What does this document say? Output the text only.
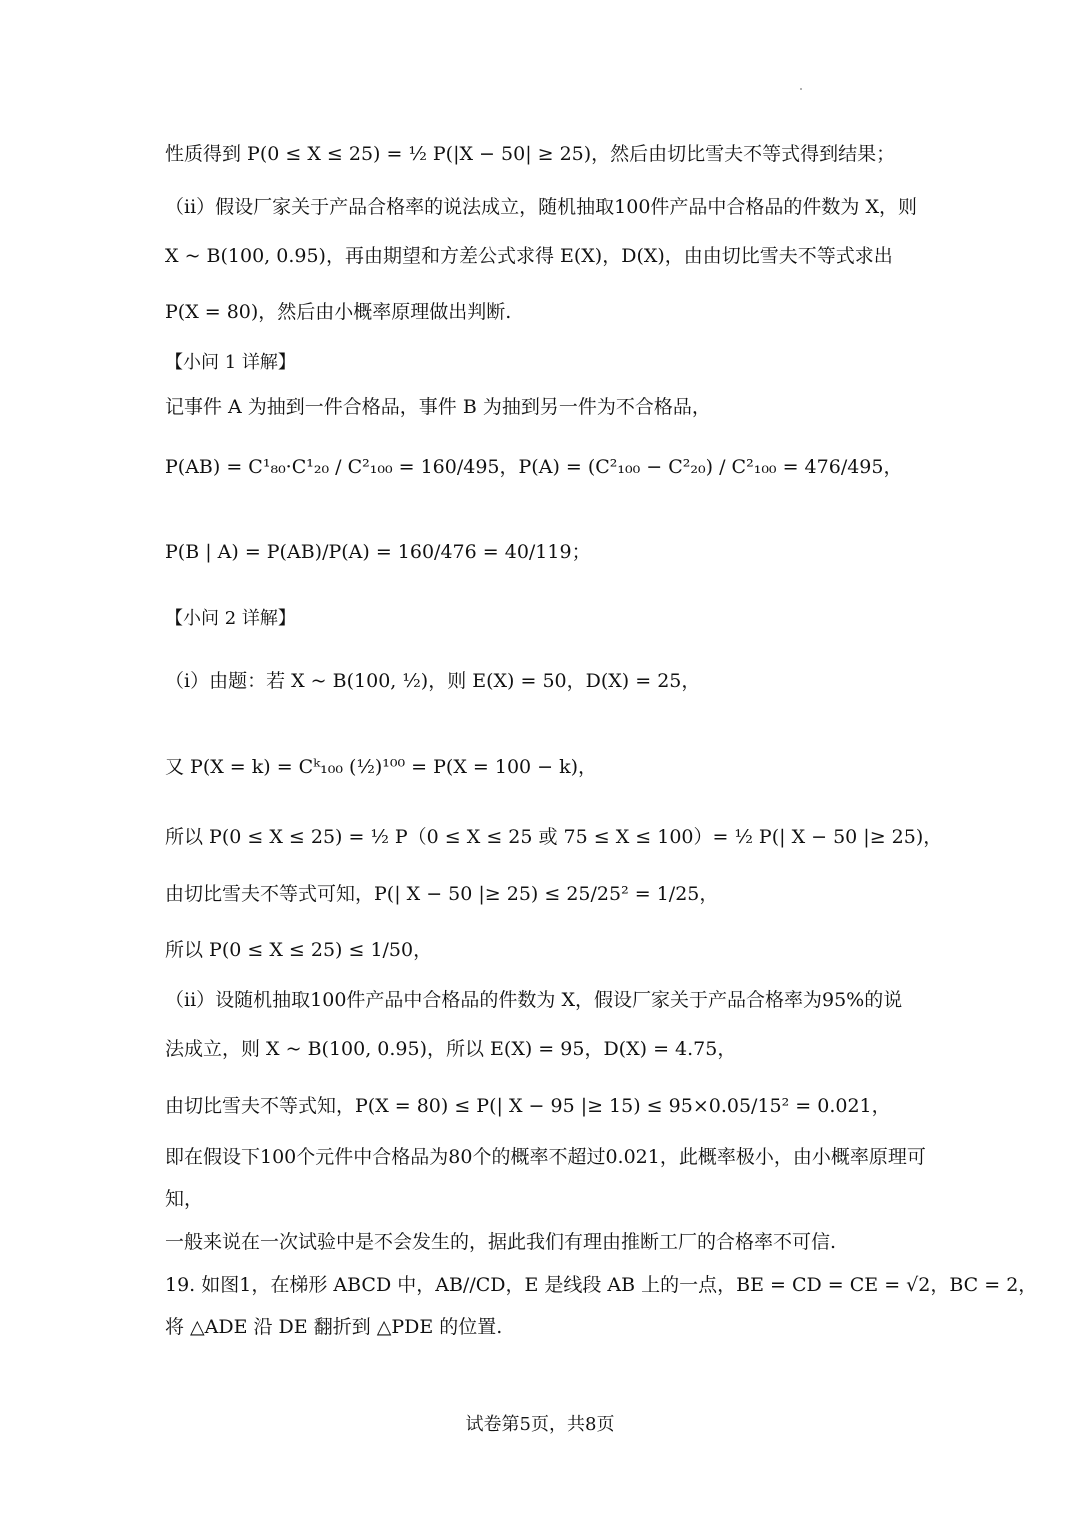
性质得到 P(0 ≤ X ≤ 25) = ½ P(|X − 50| ≥ 25)，然后由切比雪夫不等式得到结果；
（ii）假设厂家关于产品合格率的说法成立，随机抽取100件产品中合格品的件数为 X，则
X ~ B(100, 0.95)，再由期望和方差公式求得 E(X)，D(X)，由由切比雪夫不等式求出
P(X = 80)，然后由小概率原理做出判断.
【小问 1 详解】
记事件 A 为抽到一件合格品，事件 B 为抽到另一件为不合格品，
P(AB) = C¹₈₀·C¹₂₀ / C²₁₀₀ = 160/495，P(A) = (C²₁₀₀ − C²₂₀) / C²₁₀₀ = 476/495，
P(B | A) = P(AB)/P(A) = 160/476 = 40/119；
【小问 2 详解】
（i）由题：若 X ~ B(100, ½)，则 E(X) = 50，D(X) = 25，
又 P(X = k) = Cᵏ₁₀₀ (½)¹⁰⁰ = P(X = 100 − k)，
所以 P(0 ≤ X ≤ 25) = ½ P（0 ≤ X ≤ 25 或 75 ≤ X ≤ 100）= ½ P(| X − 50 |≥ 25)，
由切比雪夫不等式可知，P(| X − 50 |≥ 25) ≤ 25/25² = 1/25，
所以 P(0 ≤ X ≤ 25) ≤ 1/50，
（ii）设随机抽取100件产品中合格品的件数为 X，假设厂家关于产品合格率为95%的说
法成立，则 X ~ B(100, 0.95)，所以 E(X) = 95，D(X) = 4.75，
由切比雪夫不等式知，P(X = 80) ≤ P(| X − 95 |≥ 15) ≤ 95×0.05/15² = 0.021，
即在假设下100个元件中合格品为80个的概率不超过0.021，此概率极小，由小概率原理可
知，
一般来说在一次试验中是不会发生的，据此我们有理由推断工厂的合格率不可信.
19. 如图1，在梯形 ABCD 中，AB//CD，E 是线段 AB 上的一点，BE = CD = CE = √2，BC = 2，
将 △ADE 沿 DE 翻折到 △PDE 的位置.
试卷第5页，共8页
